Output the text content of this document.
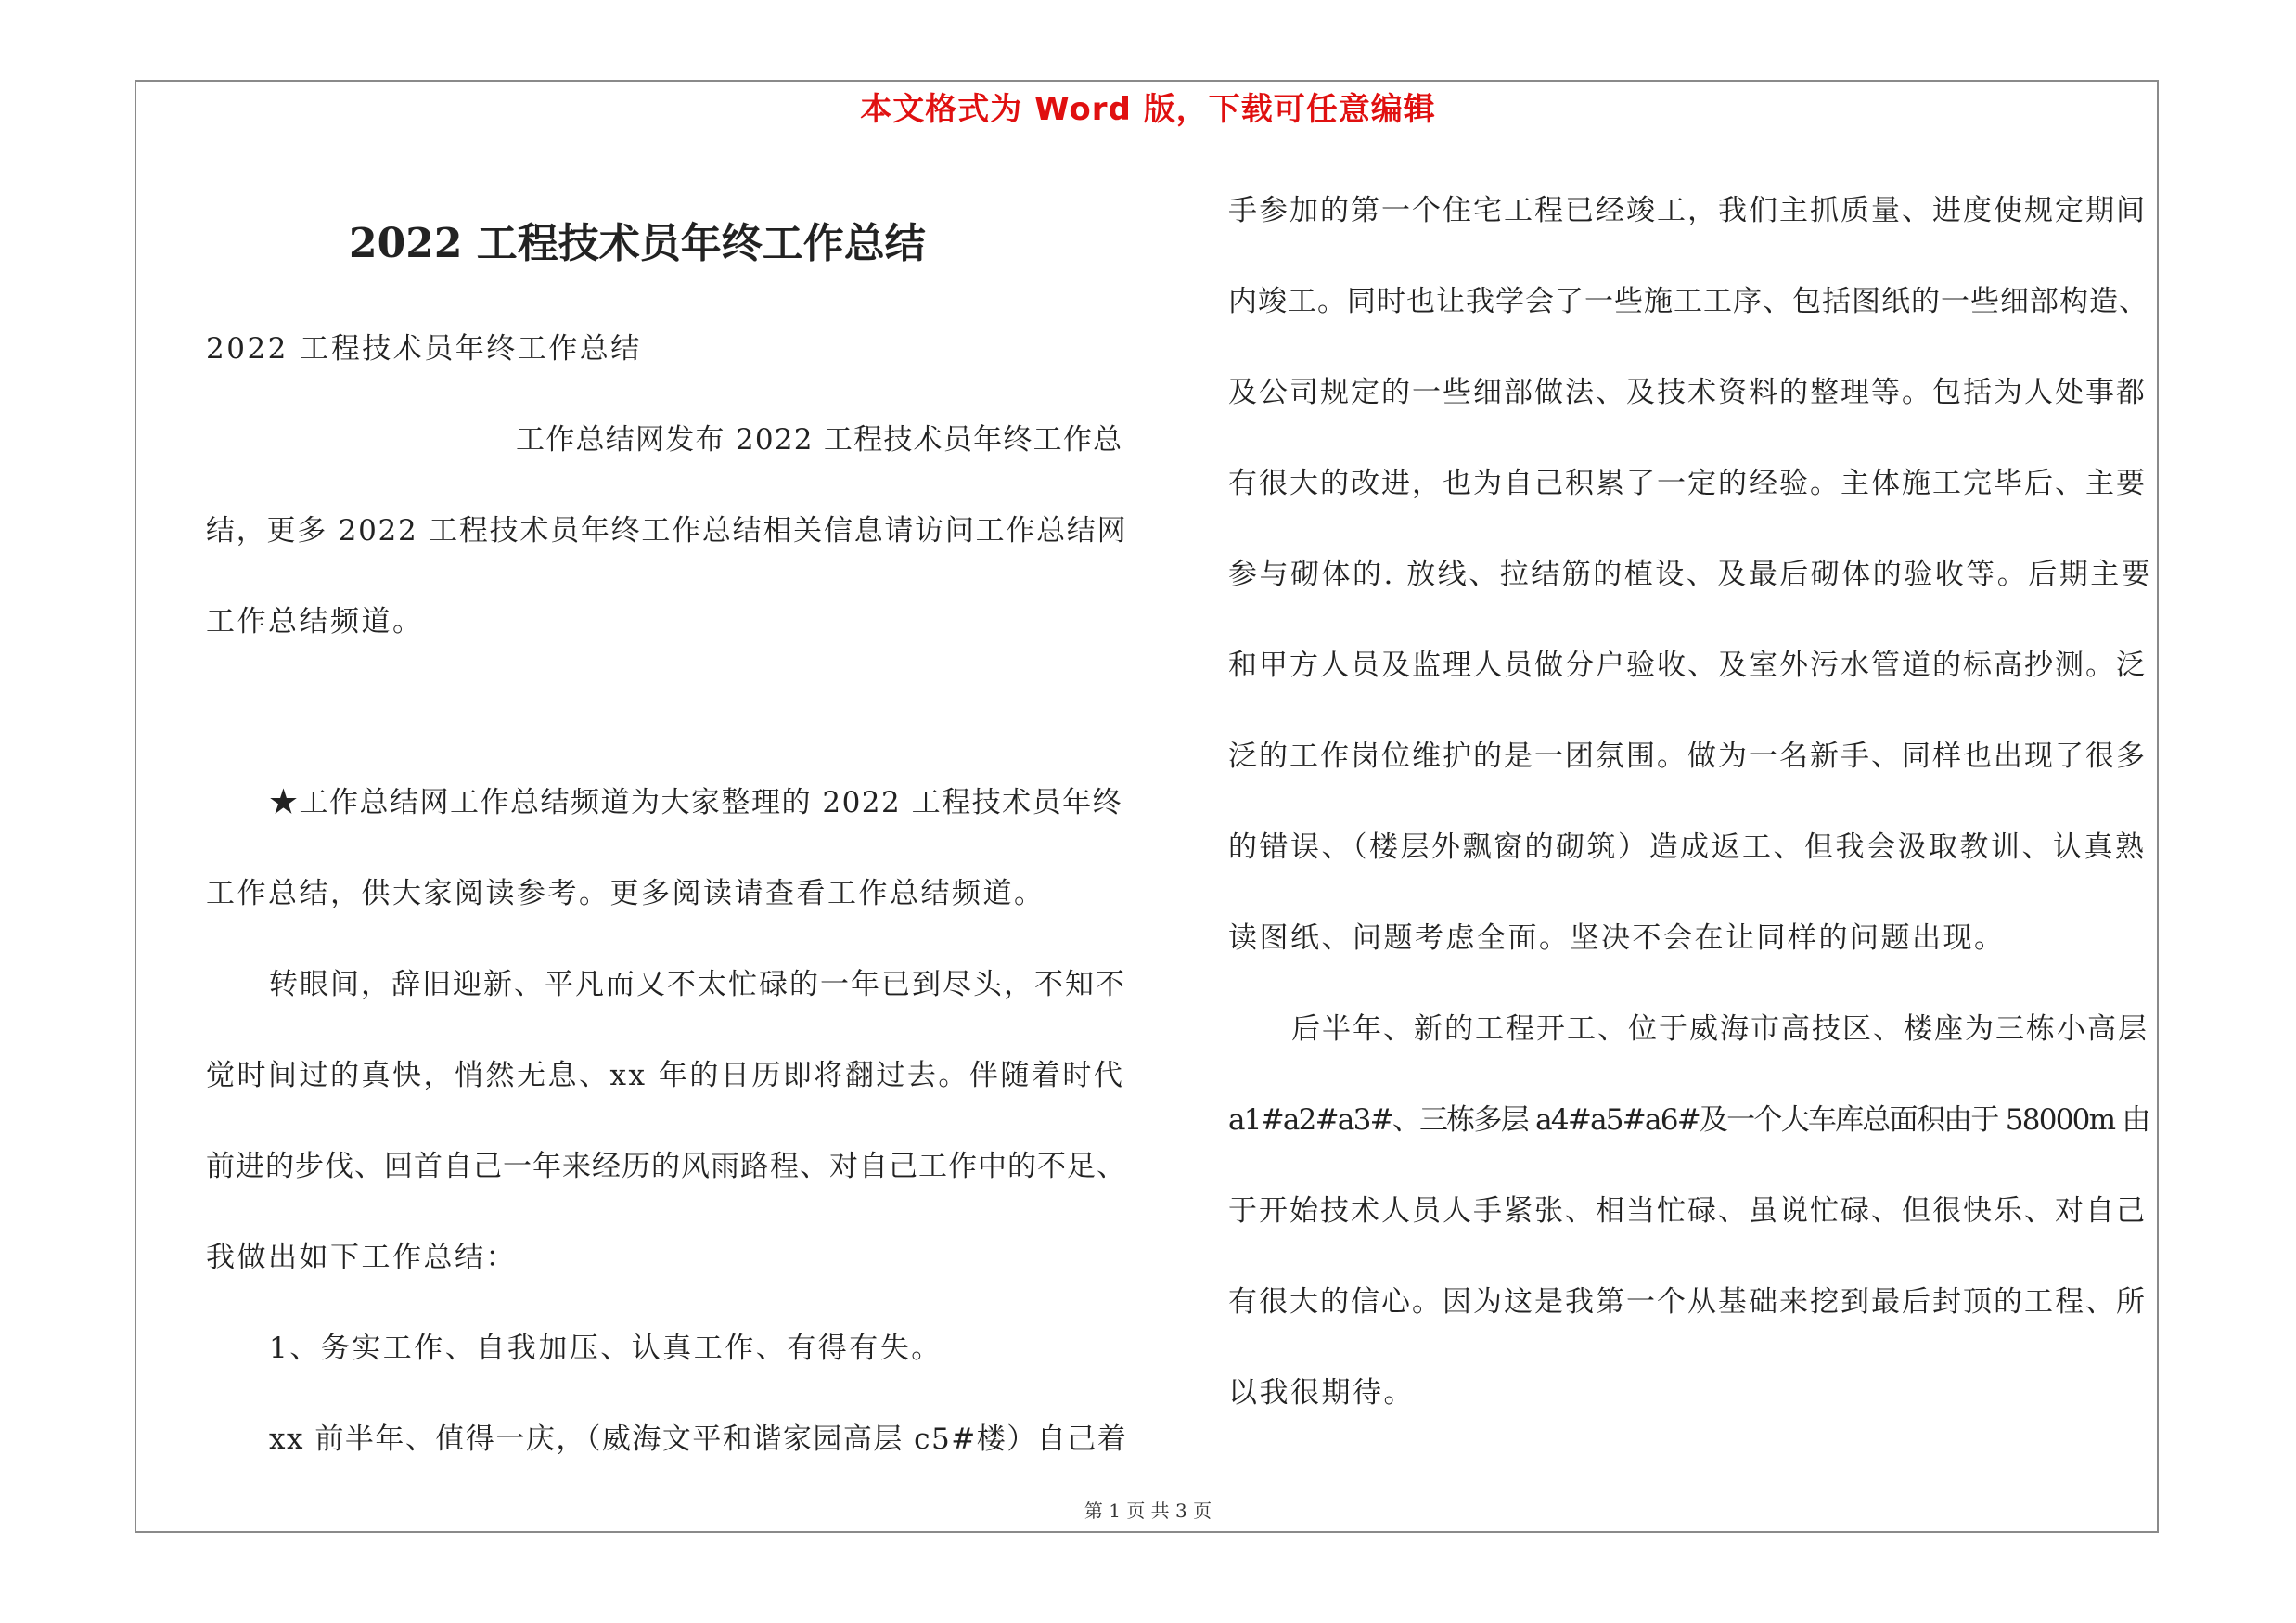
本文格式为 Word 版，下载可任意编辑
2022 工程技术员年终工作总结
2022 工程技术员年终工作总结
工作总结网发布 2022 工程技术员年终工作总
结，更多 2022 工程技术员年终工作总结相关信息请访问工作总结网
工作总结频道。
★工作总结网工作总结频道为大家整理的 2022 工程技术员年终
工作总结，供大家阅读参考。更多阅读请查看工作总结频道。
转眼间，辞旧迎新、平凡而又不太忙碌的一年已到尽头，不知不
觉时间过的真快，悄然无息、xx 年的日历即将翻过去。伴随着时代
前进的步伐、回首自己一年来经历的风雨路程、对自己工作中的不足、
我做出如下工作总结：
1、务实工作、自我加压、认真工作、有得有失。
xx 前半年、值得一庆，（威海文平和谐家园高层 c5#楼）自己着
手参加的第一个住宅工程已经竣工，我们主抓质量、进度使规定期间
内竣工。同时也让我学会了一些施工工序、包括图纸的一些细部构造、
及公司规定的一些细部做法、及技术资料的整理等。包括为人处事都
有很大的改进，也为自己积累了一定的经验。主体施工完毕后、主要
参与砌体的. 放线、拉结筋的植设、及最后砌体的验收等。后期主要
和甲方人员及监理人员做分户验收、及室外污水管道的标高抄测。泛
泛的工作岗位维护的是一团氛围。做为一名新手、同样也出现了很多
的错误、（楼层外飘窗的砌筑）造成返工、但我会汲取教训、认真熟
读图纸、问题考虑全面。坚决不会在让同样的问题出现。
后半年、新的工程开工、位于威海市高技区、楼座为三栋小高层
a1#a2#a3#、三栋多层 a4#a5#a6#及一个大车库总面积由于 58000m 由
于开始技术人员人手紧张、相当忙碌、虽说忙碌、但很快乐、对自己
有很大的信心。因为这是我第一个从基础来挖到最后封顶的工程、所
以我很期待。
第 1 页 共 3 页
